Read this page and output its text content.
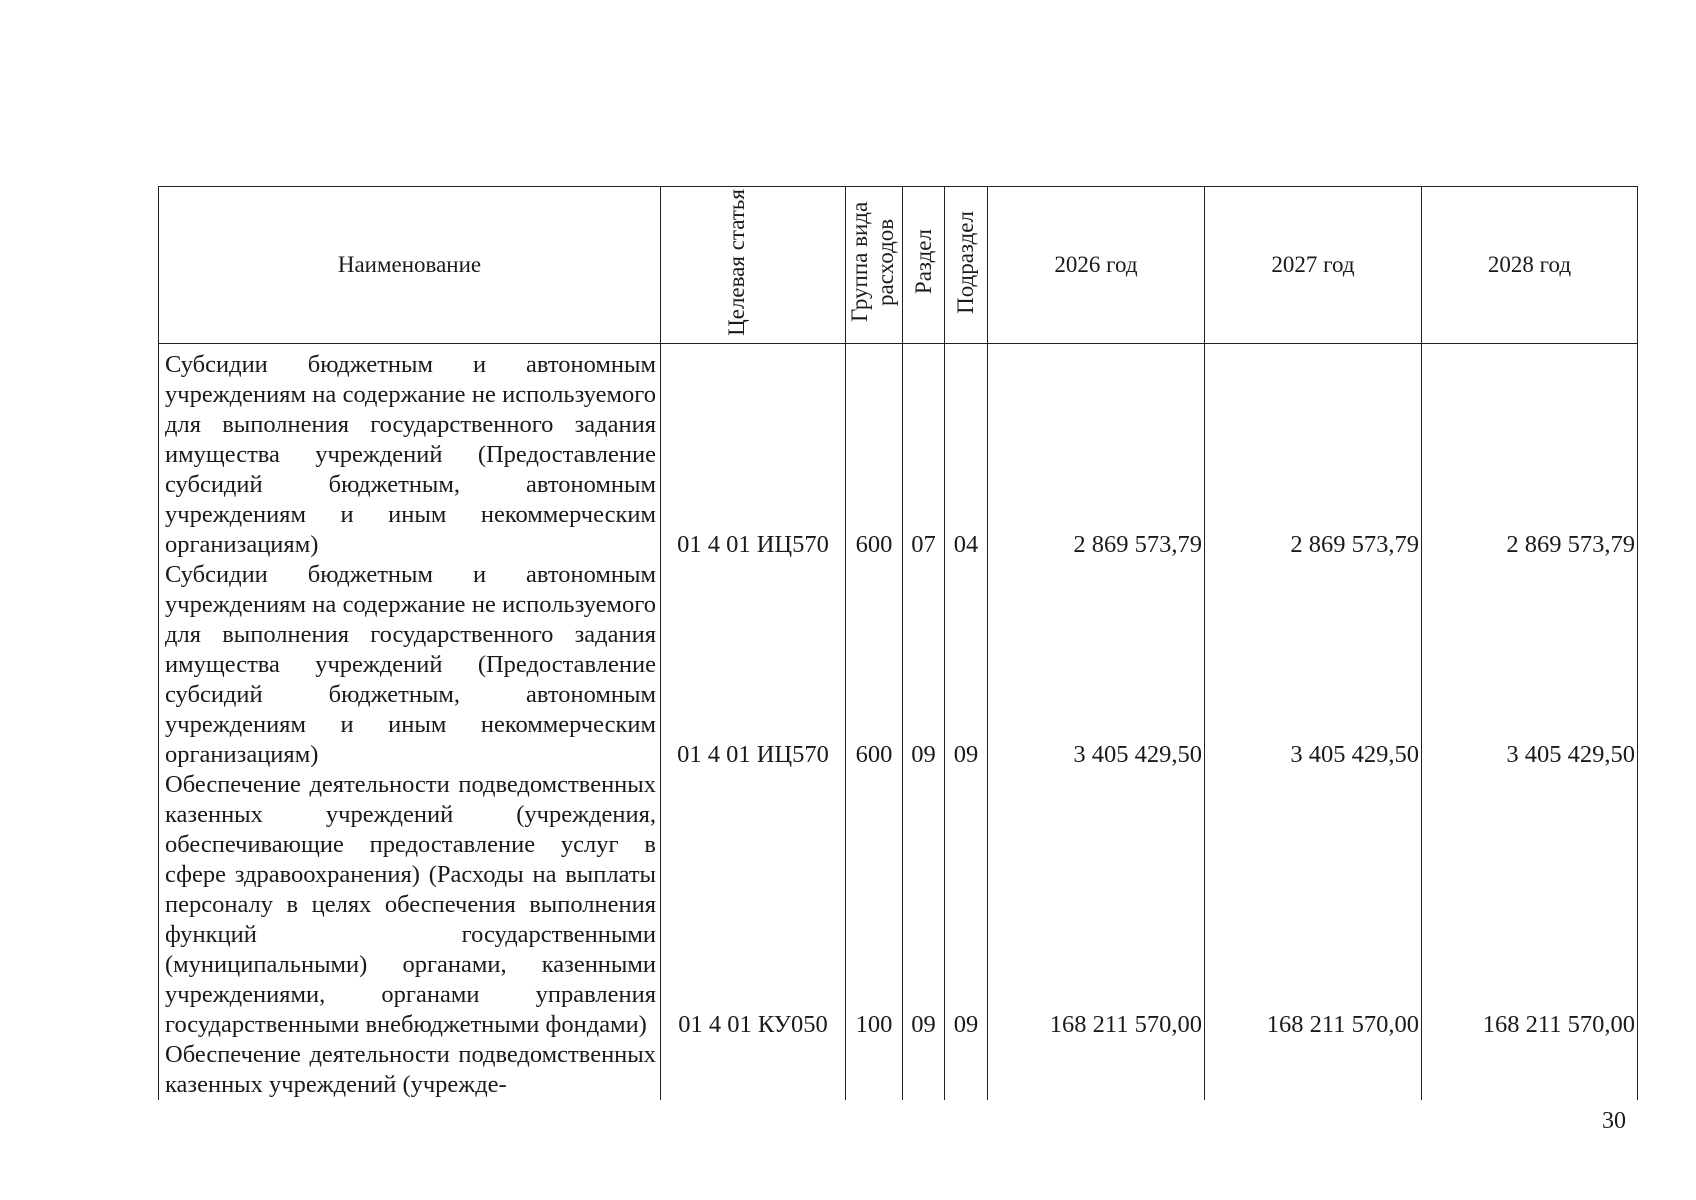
Наименование	Целевая статья	Группа вида расходов	Раздел	Подраздел	2026 год	2027 год	2028 год

Субсидии бюджетным и автономным учреждениям на содержание не используемого для выполнения государственного задания имущества учреждений (Предоставление субсидий бюджетным, автономным учреждениям и иным некоммерческим организациям)	01 4 01 ИЦ570	600	07	04	2 869 573,79	2 869 573,79	2 869 573,79

Субсидии бюджетным и автономным учреждениям на содержание не используемого для выполнения государственного задания имущества учреждений (Предоставление субсидий бюджетным, автономным учреждениям и иным некоммерческим организациям)	01 4 01 ИЦ570	600	09	09	3 405 429,50	3 405 429,50	3 405 429,50

Обеспечение деятельности подведомственных казенных учреждений (учреждения, обеспечивающие предоставление услуг в сфере здравоохранения) (Расходы на выплаты персоналу в целях обеспечения выполнения функций государственными (муниципальными) органами, казенными учреждениями, органами управления государственными внебюджетными фондами)	01 4 01 КУ050	100	09	09	168 211 570,00	168 211 570,00	168 211 570,00

Обеспечение деятельности подведомственных казенных учреждений (учрежде-							

30
